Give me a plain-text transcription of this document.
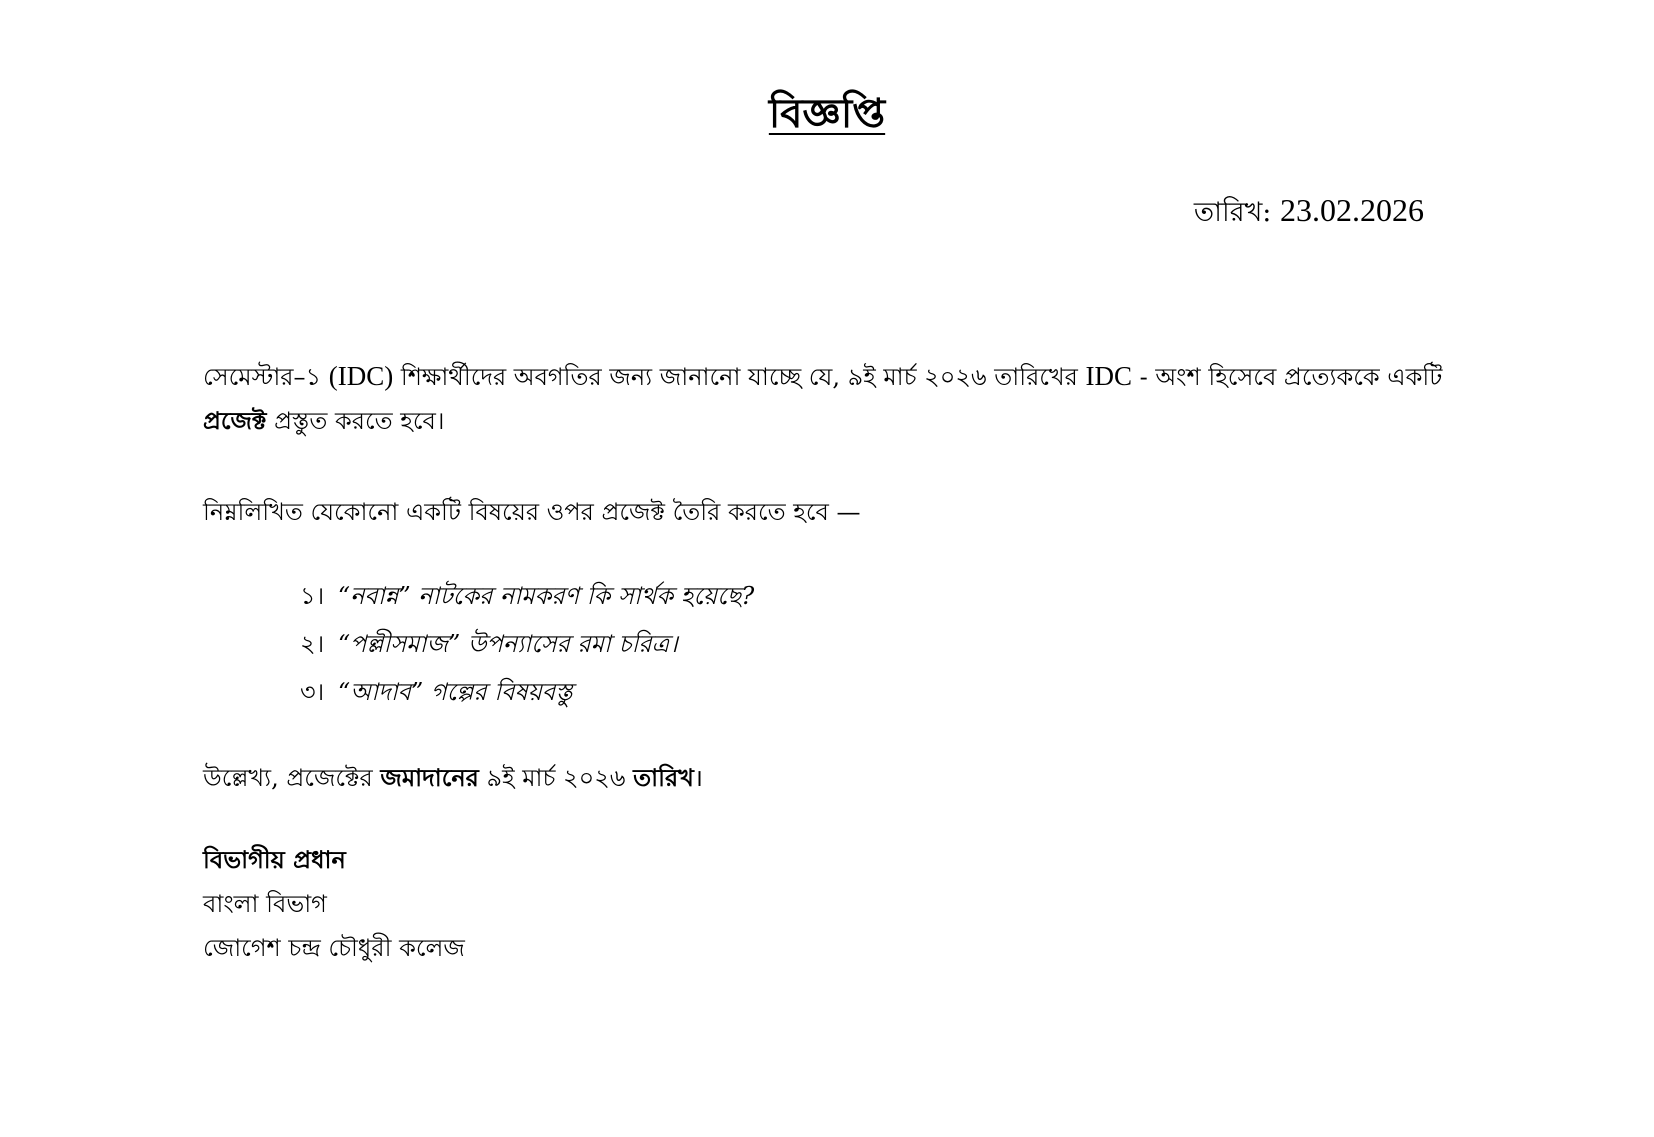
বিজ্ঞপ্তি
তারিখ: 23.02.2026
সেমেস্টার–১ (IDC) শিক্ষার্থীদের অবগতির জন্য জানানো যাচ্ছে যে, ৯ই মার্চ ২০২৬ তারিখের IDC - অংশ হিসেবে প্রত্যেককে একটি প্রজেক্ট প্রস্তুত করতে হবে।
নিম্নলিখিত যেকোনো একটি বিষয়ের ওপর প্রজেক্ট তৈরি করতে হবে —
১। “নবান্ন” নাটকের নামকরণ কি সার্থক হয়েছে?
২। “পল্লীসমাজ” উপন্যাসের রমা চরিত্র।
৩। “আদাব” গল্পের বিষয়বস্তু
উল্লেখ্য, প্রজেক্টের জমাদানের ৯ই মার্চ ২০২৬ তারিখ।
বিভাগীয় প্রধান
বাংলা বিভাগ
জোগেশ চন্দ্র চৌধুরী কলেজ
